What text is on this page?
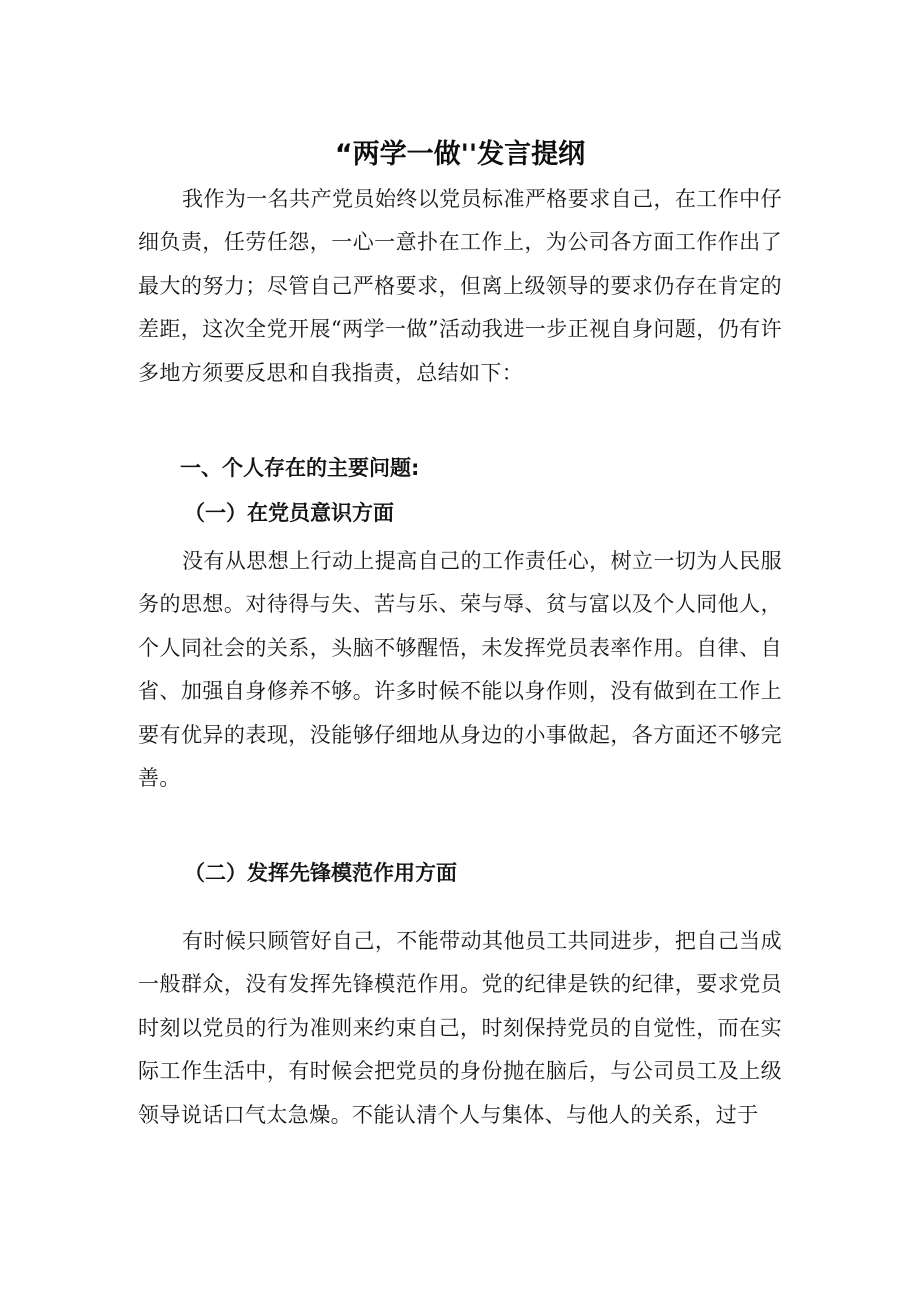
“两学一做''发言提纲

我作为一名共产党员始终以党员标准严格要求自己，在工作中仔细负责，任劳任怨，一心一意扑在工作上，为公司各方面工作作出了最大的努力；尽管自己严格要求，但离上级领导的要求仍存在肯定的差距，这次全党开展“两学一做”活动我进一步正视自身问题，仍有许多地方须要反思和自我指责，总结如下：

一、个人存在的主要问题:
（一）在党员意识方面

没有从思想上行动上提高自己的工作责任心，树立一切为人民服务的思想。对待得与失、苦与乐、荣与辱、贫与富以及个人同他人，个人同社会的关系，头脑不够醒悟，未发挥党员表率作用。自律、自省、加强自身修养不够。许多时候不能以身作则，没有做到在工作上要有优异的表现，没能够仔细地从身边的小事做起，各方面还不够完善。

（二）发挥先锋模范作用方面

有时候只顾管好自己，不能带动其他员工共同进步，把自己当成一般群众，没有发挥先锋模范作用。党的纪律是铁的纪律，要求党员时刻以党员的行为准则来约束自己，时刻保持党员的自觉性，而在实际工作生活中，有时候会把党员的身份抛在脑后，与公司员工及上级领导说话口气太急燥。不能认清个人与集体、与他人的关系，过于
